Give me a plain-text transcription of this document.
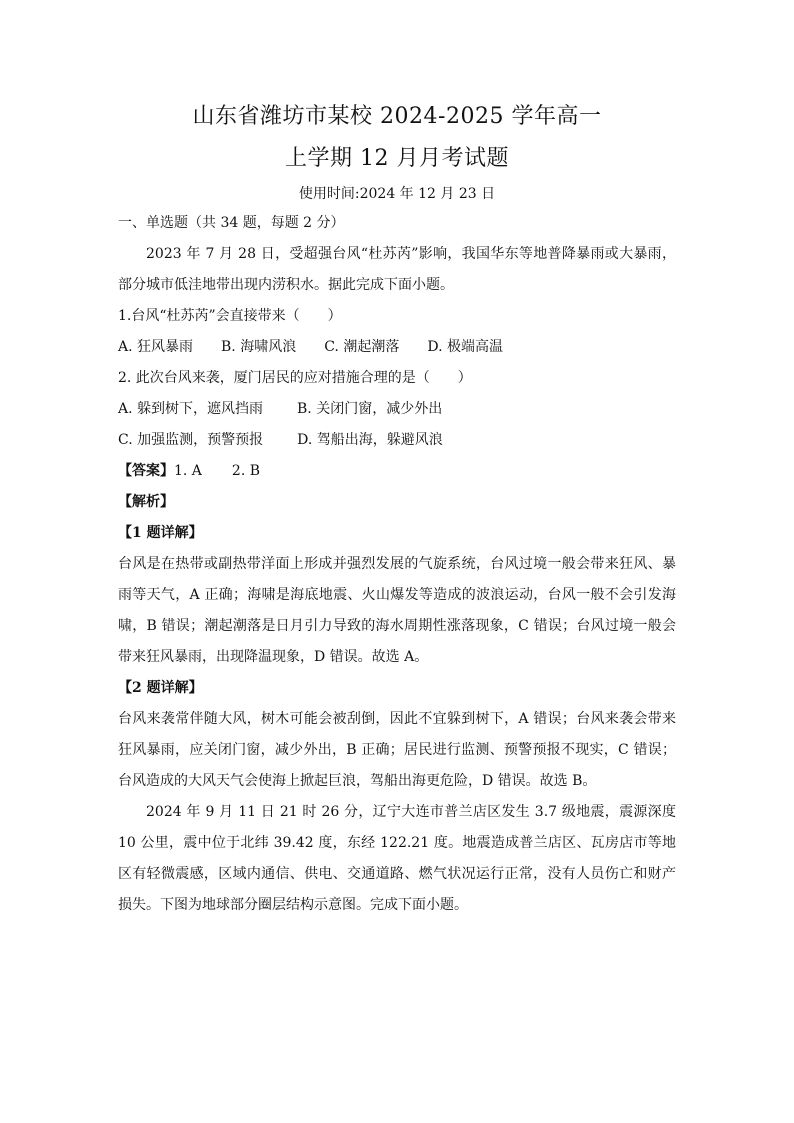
山东省潍坊市某校 2024-2025 学年高一
上学期 12 月月考试题
使用时间:2024 年 12 月 23 日

一、单选题（共 34 题，每题 2 分）

2023 年 7 月 28 日，受超强台风“杜苏芮”影响，我国华东等地普降暴雨或大暴雨，部分城市低洼地带出现内涝积水。据此完成下面小题。

1.台风“杜苏芮”会直接带来（　　）

A. 狂风暴雨 B. 海啸风浪 C. 潮起潮落 D. 极端高温

2. 此次台风来袭，厦门居民的应对措施合理的是（　　）

A. 躲到树下，遮风挡雨 B. 关闭门窗，减少外出

C. 加强监测，预警预报 D. 驾船出海，躲避风浪

【答案】1. A 2. B

【解析】

【1 题详解】

台风是在热带或副热带洋面上形成并强烈发展的气旋系统，台风过境一般会带来狂风、暴雨等天气，A 正确；海啸是海底地震、火山爆发等造成的波浪运动，台风一般不会引发海啸，B 错误；潮起潮落是日月引力导致的海水周期性涨落现象，C 错误；台风过境一般会带来狂风暴雨，出现降温现象，D 错误。故选 A。

【2 题详解】

台风来袭常伴随大风，树木可能会被刮倒，因此不宜躲到树下，A 错误；台风来袭会带来狂风暴雨，应关闭门窗，减少外出，B 正确；居民进行监测、预警预报不现实，C 错误；台风造成的大风天气会使海上掀起巨浪，驾船出海更危险，D 错误。故选 B。

2024 年 9 月 11 日 21 时 26 分，辽宁大连市普兰店区发生 3.7 级地震，震源深度 10 公里，震中位于北纬 39.42 度，东经 122.21 度。地震造成普兰店区、瓦房店市等地区有轻微震感，区域内通信、供电、交通道路、燃气状况运行正常，没有人员伤亡和财产损失。下图为地球部分圈层结构示意图。完成下面小题。
